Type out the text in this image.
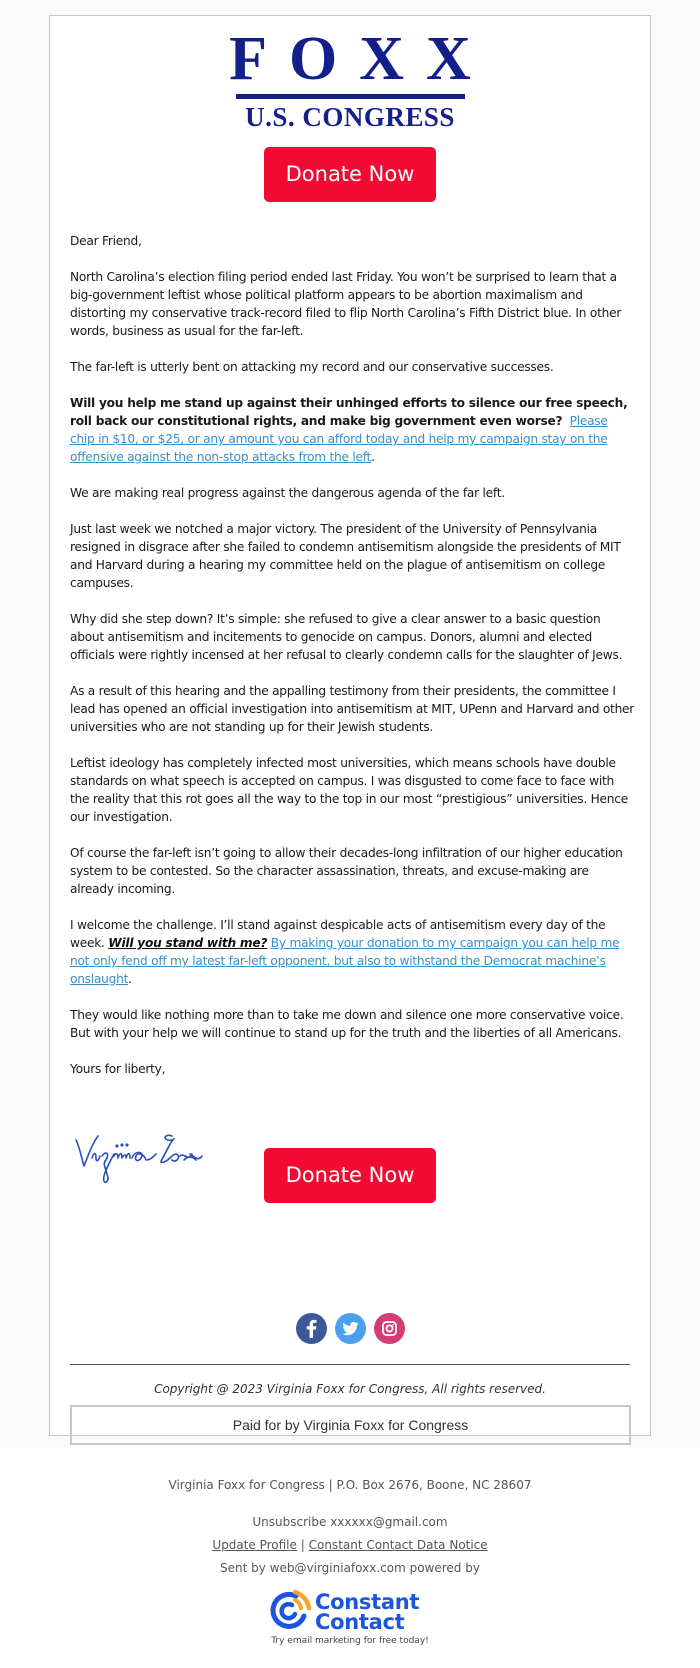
FOXX
U.S. CONGRESS
Donate Now

Dear Friend,

North Carolina’s election filing period ended last Friday. You won’t be surprised to learn that a big-government leftist whose political platform appears to be abortion maximalism and distorting my conservative track-record filed to flip North Carolina’s Fifth District blue. In other words, business as usual for the far-left.

The far-left is utterly bent on attacking my record and our conservative successes.

Will you help me stand up against their unhinged efforts to silence our free speech, roll back our constitutional rights, and make big government even worse? Please chip in $10, or $25, or any amount you can afford today and help my campaign stay on the offensive against the non-stop attacks from the left.

We are making real progress against the dangerous agenda of the far left.

Just last week we notched a major victory. The president of the University of Pennsylvania resigned in disgrace after she failed to condemn antisemitism alongside the presidents of MIT and Harvard during a hearing my committee held on the plague of antisemitism on college campuses.

Why did she step down? It’s simple: she refused to give a clear answer to a basic question about antisemitism and incitements to genocide on campus. Donors, alumni and elected officials were rightly incensed at her refusal to clearly condemn calls for the slaughter of Jews.

As a result of this hearing and the appalling testimony from their presidents, the committee I lead has opened an official investigation into antisemitism at MIT, UPenn and Harvard and other universities who are not standing up for their Jewish students.

Leftist ideology has completely infected most universities, which means schools have double standards on what speech is accepted on campus. I was disgusted to come face to face with the reality that this rot goes all the way to the top in our most “prestigious” universities. Hence our investigation.

Of course the far-left isn’t going to allow their decades-long infiltration of our higher education system to be contested. So the character assassination, threats, and excuse-making are already incoming.

I welcome the challenge. I’ll stand against despicable acts of antisemitism every day of the week. Will you stand with me? By making your donation to my campaign you can help me not only fend off my latest far-left opponent, but also to withstand the Democrat machine’s onslaught.

They would like nothing more than to take me down and silence one more conservative voice. But with your help we will continue to stand up for the truth and the liberties of all Americans.

Yours for liberty,

Donate Now

Copyright @ 2023 Virginia Foxx for Congress, All rights reserved.
Paid for by Virginia Foxx for Congress
Virginia Foxx for Congress | P.O. Box 2676, Boone, NC 28607
Unsubscribe xxxxxx@gmail.com
Update Profile | Constant Contact Data Notice
Sent by web@virginiafoxx.com powered by
Constant
Contact
Try email marketing for free today!
